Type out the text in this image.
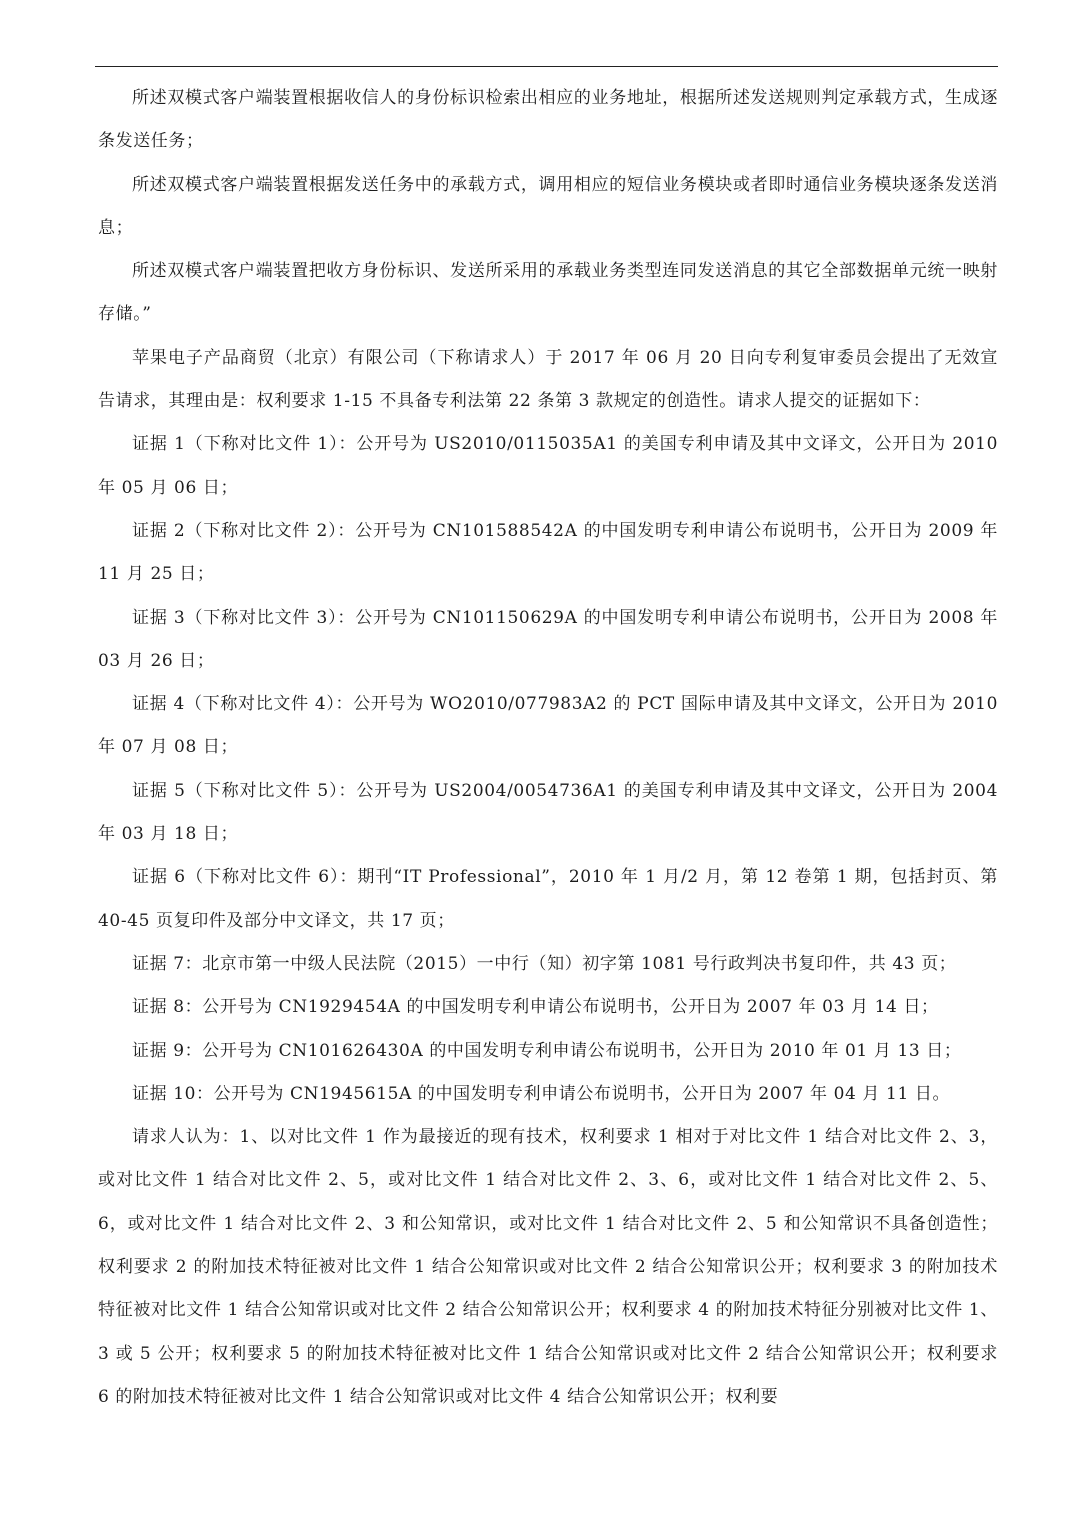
所述双模式客户端装置根据收信人的身份标识检索出相应的业务地址，根据所述发送规则判定承载方式，生成逐条发送任务；

所述双模式客户端装置根据发送任务中的承载方式，调用相应的短信业务模块或者即时通信业务模块逐条发送消息；

所述双模式客户端装置把收方身份标识、发送所采用的承载业务类型连同发送消息的其它全部数据单元统一映射存储。”

苹果电子产品商贸（北京）有限公司（下称请求人）于 2017 年 06 月 20 日向专利复审委员会提出了无效宣告请求，其理由是：权利要求 1-15 不具备专利法第 22 条第 3 款规定的创造性。请求人提交的证据如下：

证据 1（下称对比文件 1）：公开号为 US2010/0115035A1 的美国专利申请及其中文译文，公开日为 2010 年 05 月 06 日；

证据 2（下称对比文件 2）：公开号为 CN101588542A 的中国发明专利申请公布说明书，公开日为 2009 年 11 月 25 日；

证据 3（下称对比文件 3）：公开号为 CN101150629A 的中国发明专利申请公布说明书，公开日为 2008 年 03 月 26 日；

证据 4（下称对比文件 4）：公开号为 WO2010/077983A2 的 PCT 国际申请及其中文译文，公开日为 2010 年 07 月 08 日；

证据 5（下称对比文件 5）：公开号为 US2004/0054736A1 的美国专利申请及其中文译文，公开日为 2004 年 03 月 18 日；

证据 6（下称对比文件 6）：期刊“IT Professional”，2010 年 1 月/2 月，第 12 卷第 1 期，包括封页、第 40-45 页复印件及部分中文译文，共 17 页；

证据 7：北京市第一中级人民法院（2015）一中行（知）初字第 1081 号行政判决书复印件，共 43 页；

证据 8：公开号为 CN1929454A 的中国发明专利申请公布说明书，公开日为 2007 年 03 月 14 日；

证据 9：公开号为 CN101626430A 的中国发明专利申请公布说明书，公开日为 2010 年 01 月 13 日；

证据 10：公开号为 CN1945615A 的中国发明专利申请公布说明书，公开日为 2007 年 04 月 11 日。

请求人认为：1、以对比文件 1 作为最接近的现有技术，权利要求 1 相对于对比文件 1 结合对比文件 2、3，或对比文件 1 结合对比文件 2、5，或对比文件 1 结合对比文件 2、3、6，或对比文件 1 结合对比文件 2、5、6，或对比文件 1 结合对比文件 2、3 和公知常识，或对比文件 1 结合对比文件 2、5 和公知常识不具备创造性；权利要求 2 的附加技术特征被对比文件 1 结合公知常识或对比文件 2 结合公知常识公开；权利要求 3 的附加技术特征被对比文件 1 结合公知常识或对比文件 2 结合公知常识公开；权利要求 4 的附加技术特征分别被对比文件 1、3 或 5 公开；权利要求 5 的附加技术特征被对比文件 1 结合公知常识或对比文件 2 结合公知常识公开；权利要求 6 的附加技术特征被对比文件 1 结合公知常识或对比文件 4 结合公知常识公开；权利要
